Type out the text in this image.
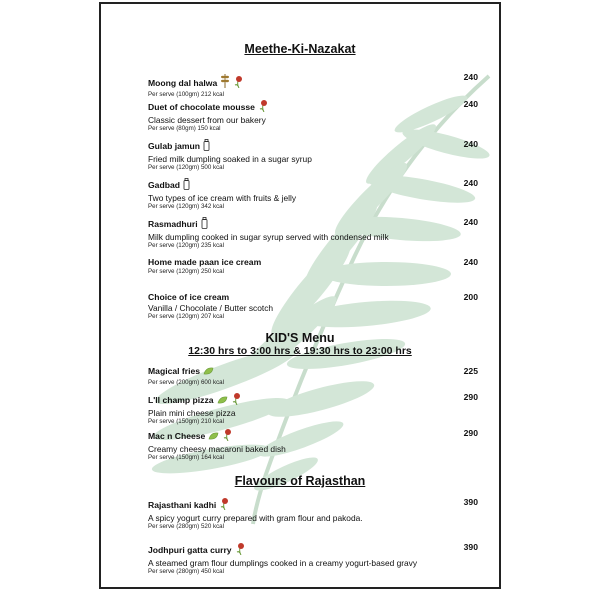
Meethe-Ki-Nazakat
KID'S Menu
12:30 hrs to 3:00 hrs & 19:30 hrs to 23:00 hrs
Flavours of Rajasthan
Moong dal halwa
Per serve (100gm) 212 kcal
240
Duet of chocolate mousse
Classic dessert from our bakery
Per serve (80gm) 150 kcal
240
Gulab jamun
Fried milk dumpling soaked in a sugar syrup
Per serve (120gm) 500 kcal
240
Gadbad
Two types of ice cream with fruits & jelly
Per serve (120gm) 342 kcal
240
Rasmadhuri
Milk dumpling cooked in sugar syrup served with condensed milk
Per serve (120gm) 235 kcal
240
Home made paan ice cream
Per serve (120gm) 250 kcal
240
Choice of ice cream
Vanilla / Chocolate / Butter scotch
Per serve (120gm) 207 kcal
200
Magical fries
Per serve (200gm) 600 kcal
225
L'll champ pizza
Plain mini cheese pizza
Per serve (150gm) 210 kcal
290
Mac n Cheese
Creamy cheesy macaroni baked dish
Per serve (150gm) 164 kcal
290
Rajasthani kadhi
A spicy yogurt curry prepared with gram flour and pakoda.
Per serve (280gm) 520 kcal
390
Jodhpuri gatta curry
A steamed gram flour dumplings cooked in a creamy yogurt-based gravy
Per serve (280gm) 450 kcal
390
